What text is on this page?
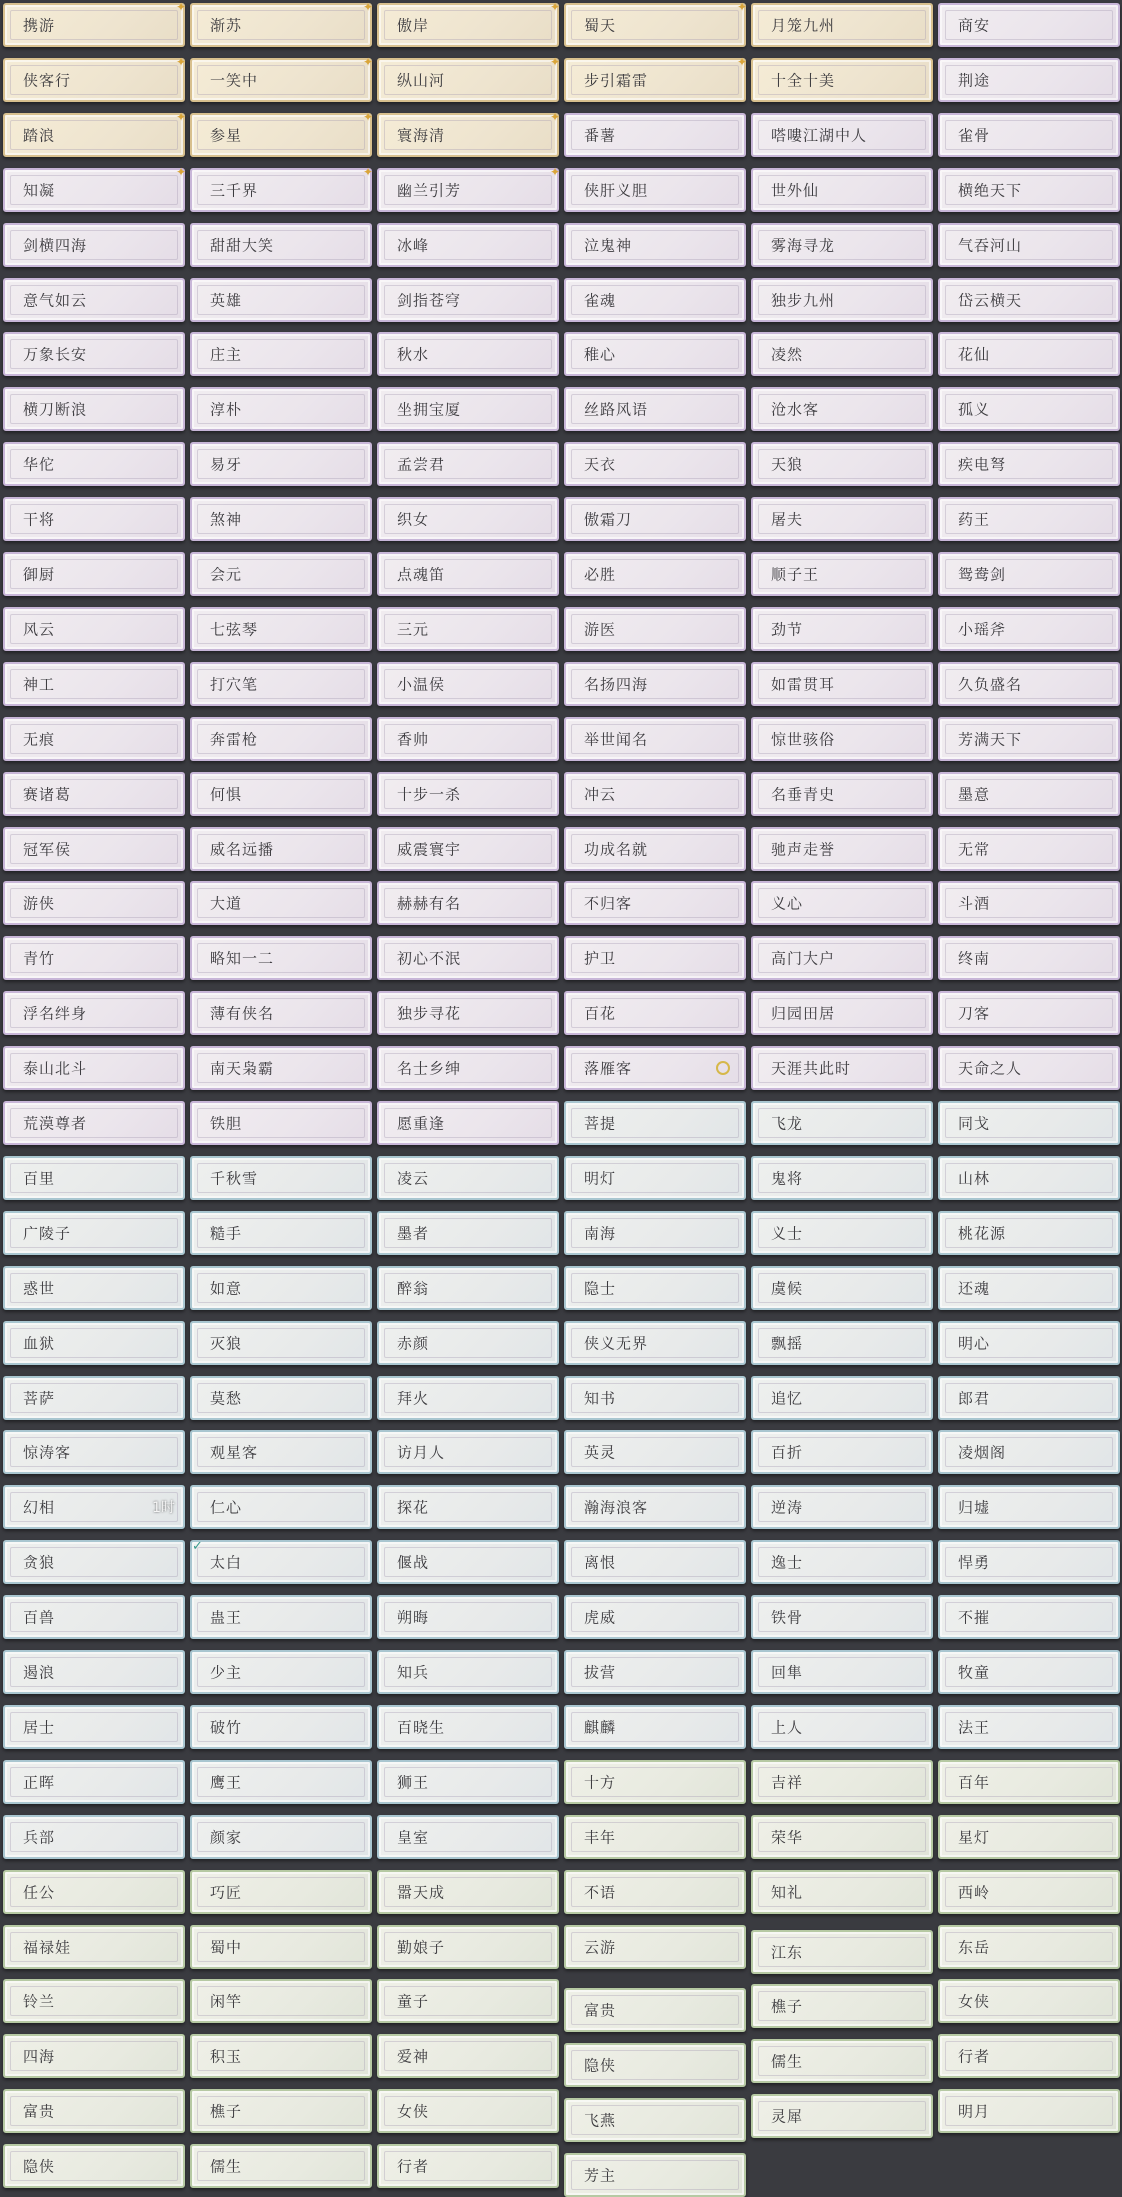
携游
✦
侠客行
✦
踏浪
✦
知凝
✦
剑横四海
意气如云
万象长安
横刀断浪
华佗
干将
御厨
风云
神工
无痕
赛诸葛
冠军侯
游侠
青竹
浮名绊身
泰山北斗
荒漠尊者
百里
广陵子
惑世
血狱
菩萨
惊涛客
幻相	1时
贪狼
百兽
遏浪
居士
正晖
兵部
任公
福禄娃
铃兰
四海
富贵
隐侠
渐苏
✦
一笑中
✦
参星
✦
三千界
✦
甜甜大笑
英雄
庄主
淳朴
易牙
煞神
会元
七弦琴
打穴笔
奔雷枪
何惧
威名远播
大道
略知一二
薄有侠名
南天枭霸
铁胆
千秋雪
糙手
如意
灭狼
莫愁
观星客
仁心
太白
✓
蛊王
少主
破竹
鹰王
颜家
巧匠
蜀中
闲竿
积玉
樵子
儒生
傲岸
✦
纵山河
✦
寰海清
✦
幽兰引芳
✦
冰峰
剑指苍穹
秋水
坐拥宝厦
孟尝君
织女
点魂笛
三元
小温侯
香帅
十步一杀
威震寰宇
赫赫有名
初心不泯
独步寻花
名士乡绅
愿重逢
凌云
墨者
醉翁
赤颜
拜火
访月人
探花
偃战
朔晦
知兵
百晓生
狮王
皇室
嚣天成
勤娘子
童子
爱神
女侠
行者
蜀天
✦
步引霜雷
✦
番薯
侠肝义胆
泣鬼神
雀魂
稚心
丝路风语
天衣
傲霜刀
必胜
游医
名扬四海
举世闻名
冲云
功成名就
不归客
护卫
百花
落雁客
菩提
明灯
南海
隐士
侠义无界
知书
英灵
瀚海浪客
离恨
虎威
拔营
麒麟
十方
丰年
不语
云游
富贵
隐侠
飞燕
芳主
月笼九州
十全十美
嗒嘍江湖中人
世外仙
雾海寻龙
独步九州
凌然
沧水客
天狼
屠夫
顺子王
劲节
如雷贯耳
惊世骇俗
名垂青史
驰声走誉
义心
高门大户
归园田居
天涯共此时
飞龙
鬼将
义士
虞候
飘摇
追忆
百折
逆涛
逸士
铁骨
回隼
上人
吉祥
荣华
知礼
江东
樵子
儒生
灵犀
商安
荆途
雀骨
横绝天下
气吞河山
岱云横天
花仙
孤义
疾电弩
药王
鸳鸯剑
小瑶斧
久负盛名
芳满天下
墨意
无常
斗酒
终南
刀客
天命之人
同戈
山林
桃花源
还魂
明心
郎君
凌烟阁
归墟
悍勇
不摧
牧童
法王
百年
星灯
西岭
东岳
女侠
行者
明月
